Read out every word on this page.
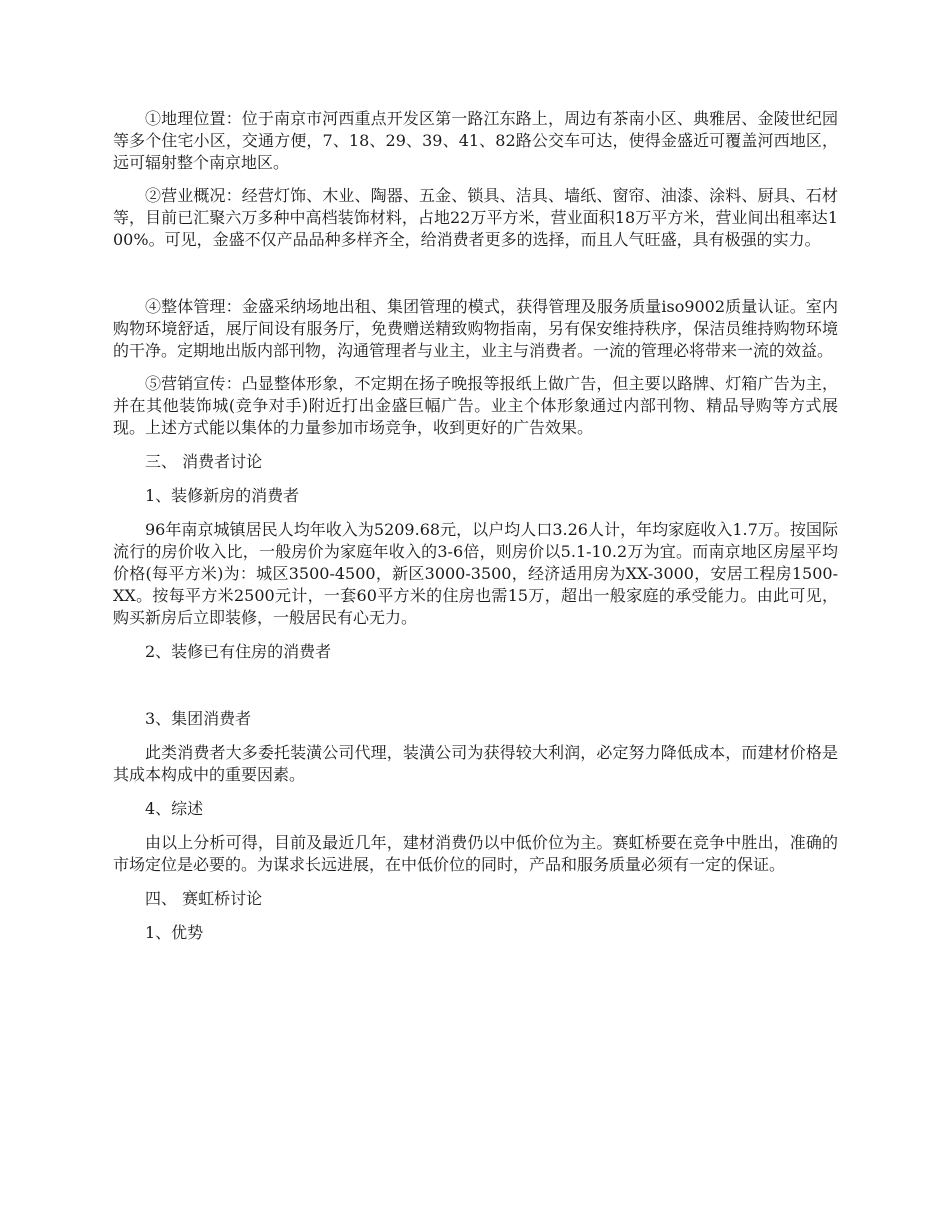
①地理位置：位于南京市河西重点开发区第一路江东路上，周边有茶南小区、典雅居、金陵世纪园等多个住宅小区，交通方便，7、18、29、39、41、82路公交车可达，使得金盛近可覆盖河西地区，远可辐射整个南京地区。

②营业概况：经营灯饰、木业、陶器、五金、锁具、洁具、墙纸、窗帘、油漆、涂料、厨具、石材等，目前已汇聚六万多种中高档装饰材料，占地22万平方米，营业面积18万平方米，营业间出租率达100%。可见，金盛不仅产品品种多样齐全，给消费者更多的选择，而且人气旺盛，具有极强的实力。

④整体管理：金盛采纳场地出租、集团管理的模式，获得管理及服务质量iso9002质量认证。室内购物环境舒适，展厅间设有服务厅，免费赠送精致购物指南，另有保安维持秩序，保洁员维持购物环境的干净。定期地出版内部刊物，沟通管理者与业主，业主与消费者。一流的管理必将带来一流的效益。

⑤营销宣传：凸显整体形象，不定期在扬子晚报等报纸上做广告，但主要以路牌、灯箱广告为主，并在其他装饰城(竞争对手)附近打出金盛巨幅广告。业主个体形象通过内部刊物、精品导购等方式展现。上述方式能以集体的力量参加市场竞争，收到更好的广告效果。

三、 消费者讨论

1、装修新房的消费者

96年南京城镇居民人均年收入为5209.68元，以户均人口3.26人计，年均家庭收入1.7万。按国际流行的房价收入比，一般房价为家庭年收入的3-6倍，则房价以5.1-10.2万为宜。而南京地区房屋平均价格(每平方米)为：城区3500-4500，新区3000-3500，经济适用房为XX-3000，安居工程房1500-XX。按每平方米2500元计，一套60平方米的住房也需15万，超出一般家庭的承受能力。由此可见，购买新房后立即装修，一般居民有心无力。

2、装修已有住房的消费者

3、集团消费者

此类消费者大多委托装潢公司代理，装潢公司为获得较大利润，必定努力降低成本，而建材价格是其成本构成中的重要因素。

4、综述

由以上分析可得，目前及最近几年，建材消费仍以中低价位为主。赛虹桥要在竞争中胜出，准确的市场定位是必要的。为谋求长远进展，在中低价位的同时，产品和服务质量必须有一定的保证。

四、 赛虹桥讨论

1、优势
